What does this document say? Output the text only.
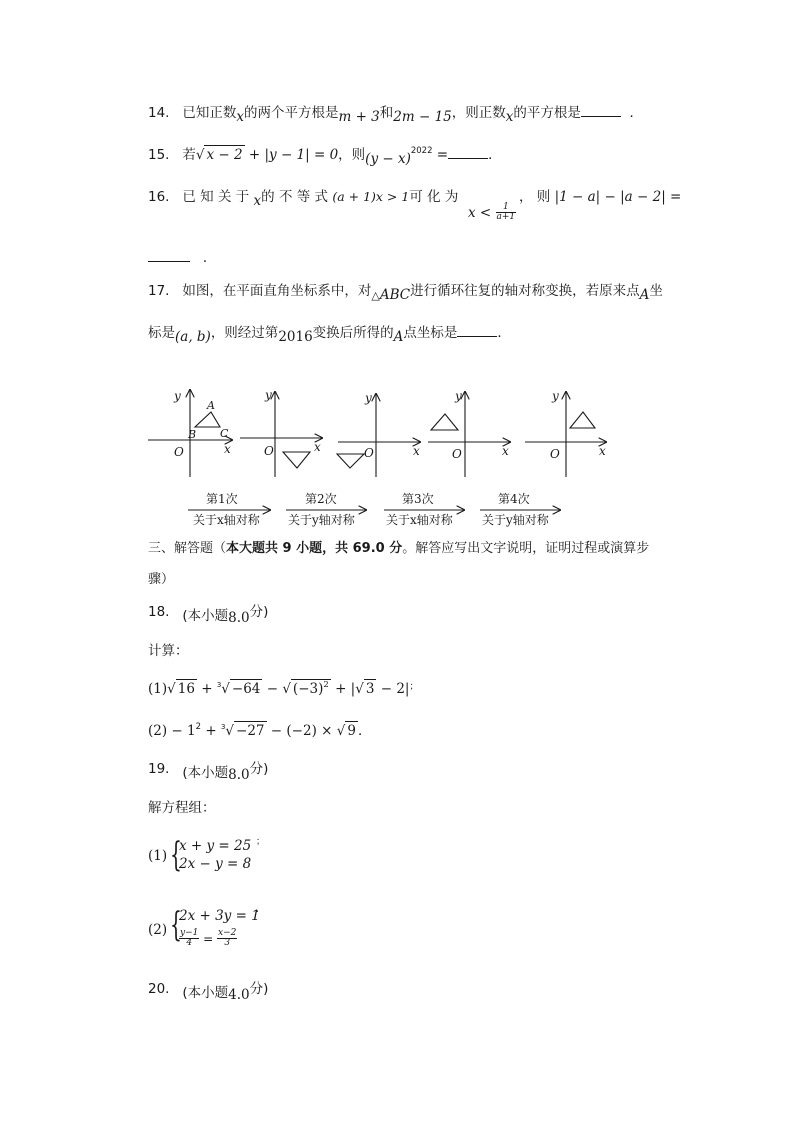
14. 已知正数x的两个平方根是m + 3和2m − 15，则正数x的平方根是	．
15. 若√ x − 2 + |y − 1| = 0，则$(y - x)^{2022}$ =	．
16. 已 知 关 于 x的 不 等 式 (a + 1)x > 1可 化 为
$x < \frac{1}{a+1}$
， 则 |1 − a| − |a − 2| =
．
17. 如图，在平面直角坐标系中，对$_\triangle$ABC进行循环往复的轴对称变换，若原来点A坐
标是(a, b)，则经过第2016变换后所得的A点坐标是	．
y
x
O
A
B C
y
x
O
y
x
O
y
x
O
y
x
O
第1次
关于x轴对称
第2次
关于y轴对称
第3次
关于x轴对称
第4次
关于y轴对称
三、解答题（本大题共 9 小题，共 69.0 分。解答应写出文字说明，证明过程或演算步
骤）
18. (本小题8.0分)
计算：
(1)√ 16 + $^3$√ −64 − √ $(-3)^2$ + |√ 3 − 2|；
$(2) - 1^2 + ^3√ -27 - (-2)$ × √ 9 ．
19. (本小题8.0分)
解方程组：
(1) {
x + y = 25 ；
2x − y = 8
(2) {
2x + 3y = 1
．
$\frac{y-1}{4} = \frac{x-2}{3}$
20. (本小题4.0分)
